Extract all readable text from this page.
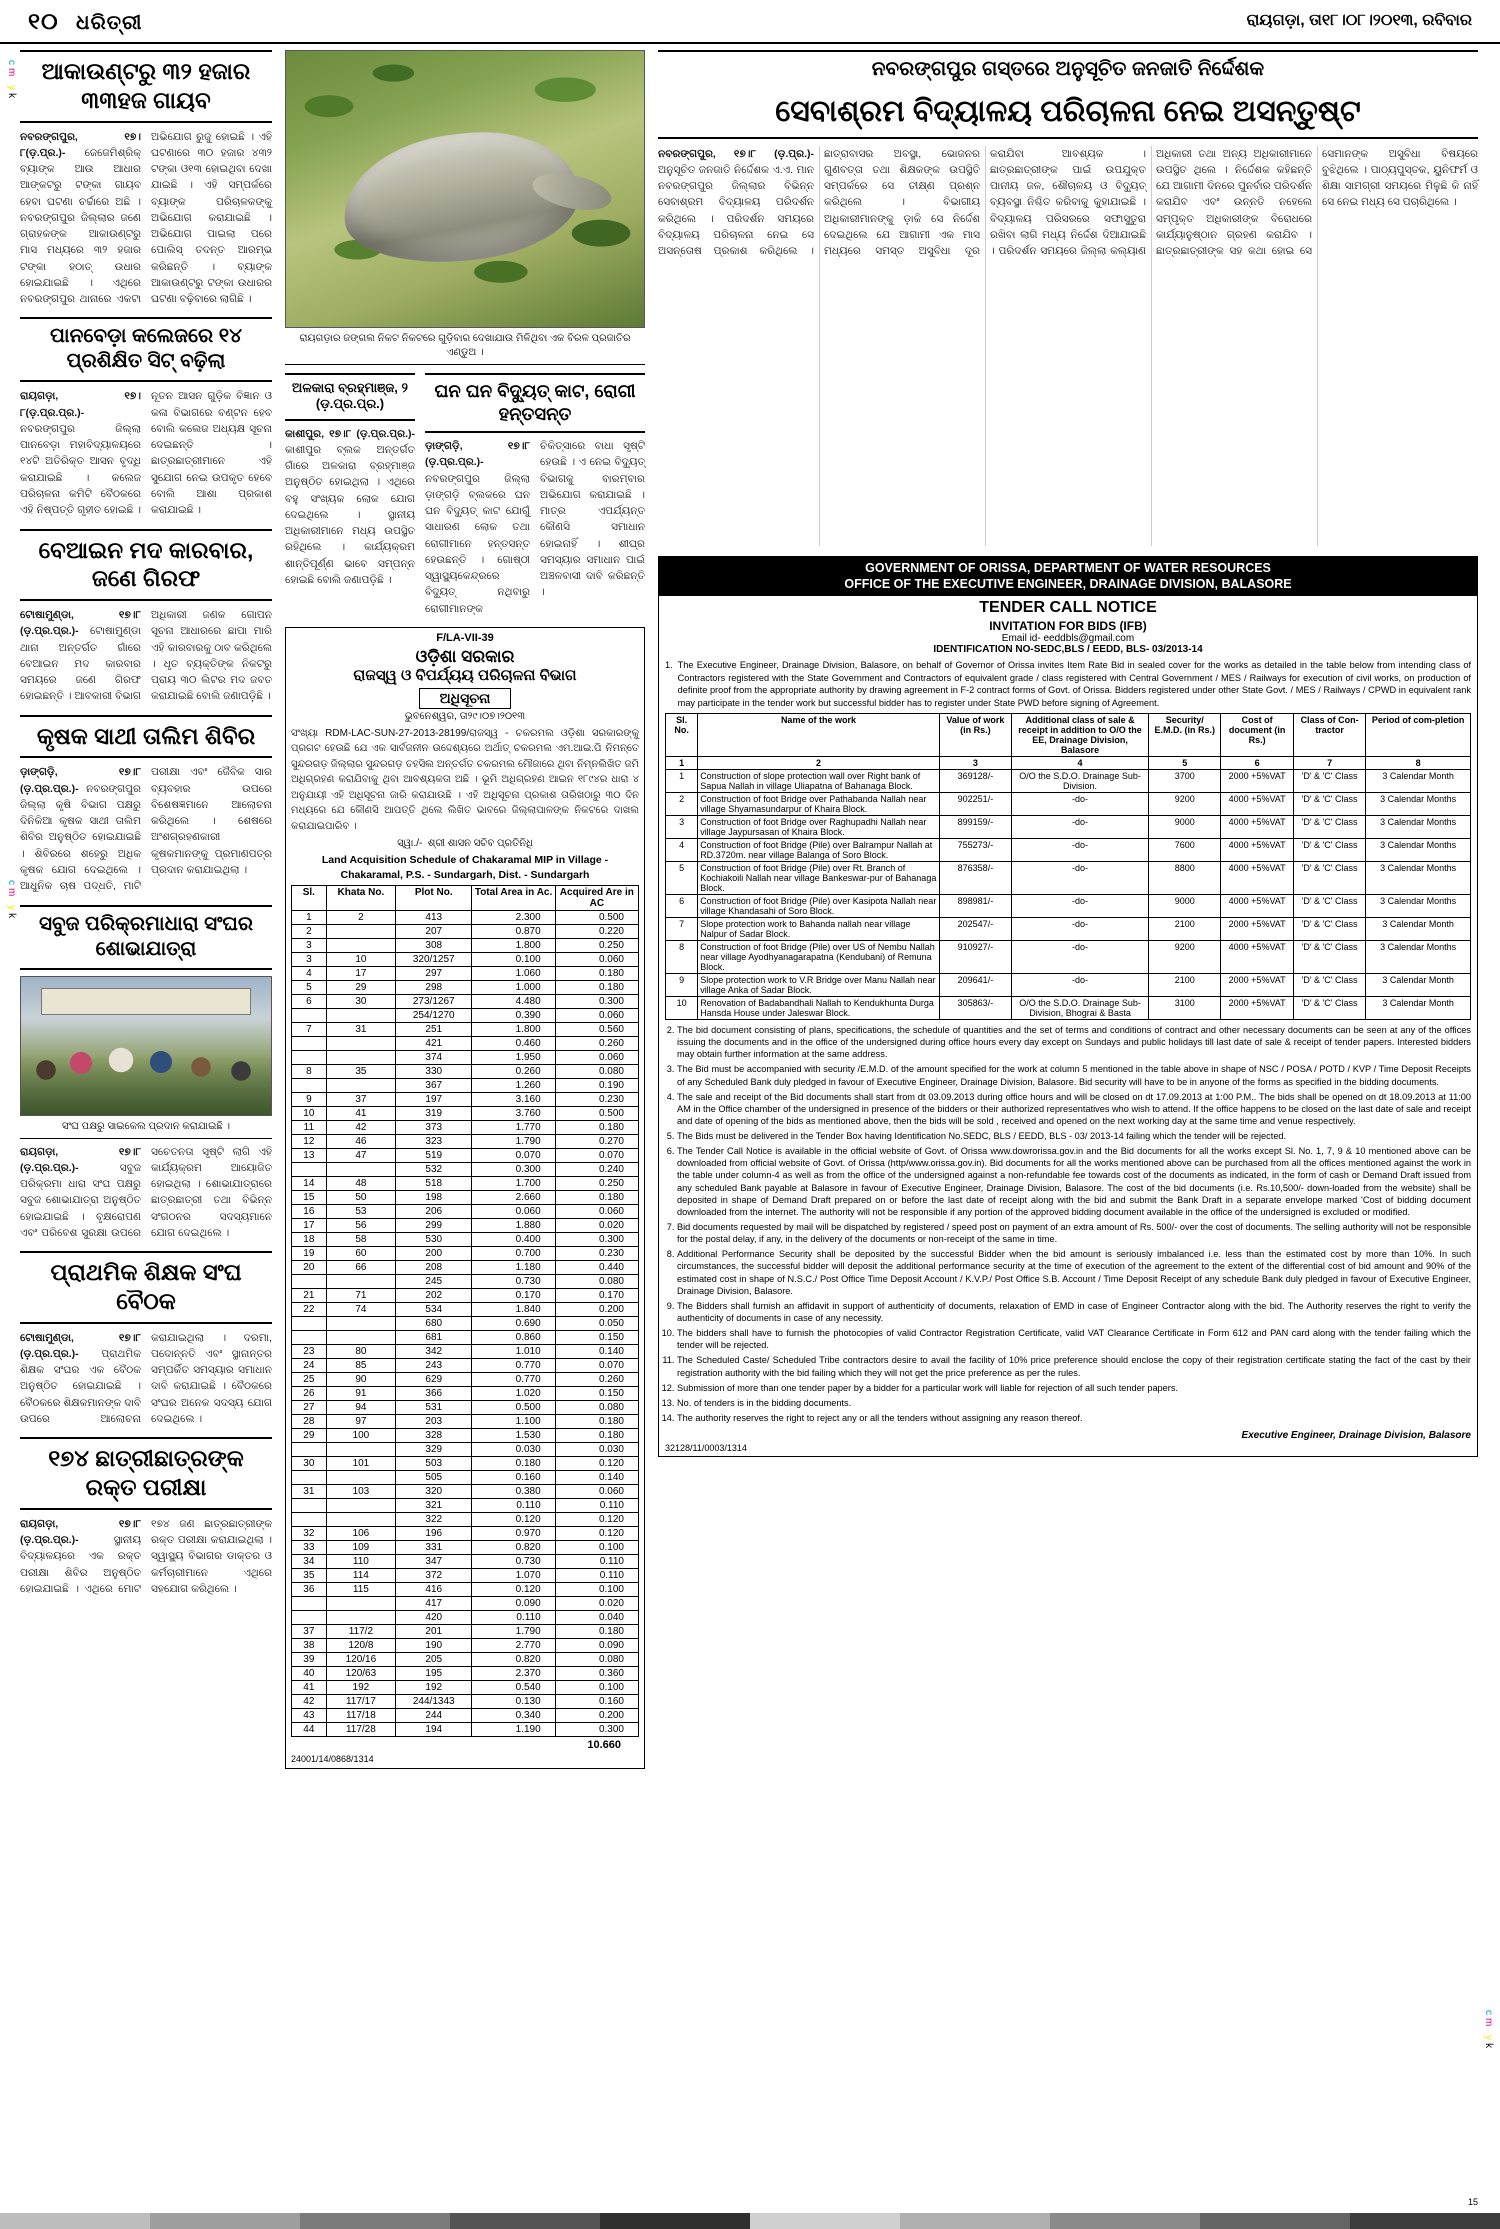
୧୦ ଧରିତ୍ରୀ	ରାୟଗଡ଼ା, ତା୧୮।୦୮।୨୦୧୩, ରବିବାର
cm yk
cm yk
cm yk
ଆକାଉଣ୍ଟରୁ ୩୨ ହଜାର ୩୩ହଜ ଗାୟବ
ନବରଙ୍ଗପୁର, ୧୭।୮(ଡ଼.ପ୍ର.)- ଜେଜେମିଶ୍ରିକ୍ ବ୍ୟାଙ୍କ ଆଉ ଆଧାର ଆଙ୍କଟରୁ ଟଙ୍କା ଗାୟବ ହେବା ଘଟଣା ଚର୍ଚ୍ଚାରେ ଅଛି । ନବରଙ୍ଗପୁର ଜିଲ୍ଲାର ଜଣେ ଗ୍ରାହକଙ୍କ ଆକାଉଣ୍ଟରୁ ମାସ ମଧ୍ୟରେ ୩୨ ହଜାର ଟଙ୍କା ହଠାତ୍ ଉଧାର ହୋଇଯାଇଛି । ଏଥିରେ ନବରଙ୍ଗପୁର ଥାନାରେ ଏକଟା ଅଭିଯୋଗ ରୁଜୁ ହୋଇଛି । ଏହି ଘଟଣାରେ ୩୦ ହଜାର ୪୩୨ ଟଙ୍କା ଓ୧୩ ହୋଇଥିବା ଦେଖା ଯାଇଛି । ଏହି ସମ୍ପର୍କରେ ବ୍ୟାଙ୍କ ପରିଚାଳକଙ୍କୁ ଅଭିଯୋଗ କରାଯାଇଛି । ଅଭିଯୋଗ ପାଇଲା ପରେ ପୋଲିସ୍ ତଦନ୍ତ ଆରମ୍ଭ କରିଛନ୍ତି । ବ୍ୟାଙ୍କ ଆକାଉଣ୍ଟରୁ ଟଙ୍କା ଉଧାରର ଘଟଣା ବଢ଼ିବାରେ ଲାଗିଛି ।
ପାନବେଡ଼ା କଲେଜରେ ୧୪ ପ୍ରଶିକ୍ଷିତ ସିଟ୍ ବଢ଼ିଲା
ରାୟଗଡ଼ା, ୧୭।୮(ଡ଼.ପ୍ର.ପ୍ର.)- ନବରଙ୍ଗପୁର ଜିଲ୍ଲା ପାନବେଡ଼ା ମହାବିଦ୍ୟାଳୟରେ ୧୪ଟି ଅତିରିକ୍ତ ଆସନ ବୃଦ୍ଧି କରାଯାଇଛି । କଲେଜ ପରିଚାଳନା କମିଟି ବୈଠକରେ ଏହି ନିଷ୍ପତ୍ତି ଗୃହୀତ ହୋଇଛି । ନୂତନ ଆସନ ଗୁଡ଼ିକ ବିଜ୍ଞାନ ଓ କଳା ବିଭାଗରେ ବଣ୍ଟନ ହେବ ବୋଲି କଲେଜ ଅଧ୍ୟକ୍ଷ ସୂଚନା ଦେଇଛନ୍ତି । ଛାତ୍ରଛାତ୍ରୀମାନେ ଏହି ସୁଯୋଗ ନେଇ ଉପକୃତ ହେବେ ବୋଲି ଆଶା ପ୍ରକାଶ କରାଯାଇଛି ।
ବେଆଇନ ମଦ କାରବାର, ଜଣେ ଗିରଫ
ଟୋଷାମୁଣ୍ଡା, ୧୭।୮ (ଡ଼.ପ୍ର.ପ୍ର.)- ଟୋଷାମୁଣ୍ଡା ଥାନା ଅନ୍ତର୍ଗତ ଗାଁରେ ବେଆଇନ ମଦ କାରବାର ସମୟରେ ଜଣେ ଗିରଫ ହୋଇଛନ୍ତି । ଆବକାରୀ ବିଭାଗ ଅଧିକାରୀ ଜଣକ ଗୋପନ ସୂଚନା ଆଧାରରେ ଛାପା ମାରି ଏହି କାରବାରକୁ ଠାବ କରିଥିଲେ । ଧୃତ ବ୍ୟକ୍ତିଙ୍କ ନିକଟରୁ ପ୍ରାୟ ୩୦ ଲିଟର ମଦ ଜବତ କରାଯାଇଛି ବୋଲି ଜଣାପଡ଼ିଛି ।
କୃଷକ ସାଥୀ ତାଲିମ ଶିବିର
ଡ଼ାଙ୍ଗଡ଼ି, ୧୭।୮ (ଡ଼.ପ୍ର.ପ୍ର.)- ନବରଙ୍ଗପୁର ଜିଲ୍ଲା କୃଷି ବିଭାଗ ପକ୍ଷରୁ ଦିନିକିଆ କୃଷକ ସାଥୀ ତାଲିମ ଶିବିର ଅନୁଷ୍ଠିତ ହୋଇଯାଇଛି । ଶିବିରରେ ଶହେରୁ ଅଧିକ କୃଷକ ଯୋଗ ଦେଇଥିଲେ । ଆଧୁନିକ ଚାଷ ପଦ୍ଧତି, ମାଟି ପରୀକ୍ଷା ଏବଂ ଜୈବିକ ସାର ବ୍ୟବହାର ଉପରେ ବିଶେଷଜ୍ଞମାନେ ଆଲୋଚନା କରିଥିଲେ । ଶେଷରେ ଅଂଶଗ୍ରହଣକାରୀ କୃଷକମାନଙ୍କୁ ପ୍ରମାଣପତ୍ର ପ୍ରଦାନ କରାଯାଇଥିଲା ।
ସବୁଜ ପରିକ୍ରମାଧାରା ସଂଘର ଶୋଭାଯାତ୍ରା
ସଂଘ ପକ୍ଷରୁ ସାଇକେଲ ପ୍ରଦାନ କରାଯାଇଛି ।
ରାୟଗଡ଼ା, ୧୭।୮ (ଡ଼.ପ୍ର.ପ୍ର.)-	ସବୁଜ ପରିକ୍ରମା ଧାରା ସଂଘ ପକ୍ଷରୁ ସବୁଜ ଶୋଭାଯାତ୍ରା ଅନୁଷ୍ଠିତ ହୋଇଯାଇଛି । ବୃକ୍ଷରୋପଣ ଏବଂ ପରିବେଶ ସୁରକ୍ଷା ଉପରେ ସଚେତନତା ସୃଷ୍ଟି ଲାଗି ଏହି କାର୍ଯ୍ୟକ୍ରମ ଆୟୋଜିତ ହୋଇଥିଲା । ଶୋଭାଯାତ୍ରାରେ ଛାତ୍ରଛାତ୍ରୀ ତଥା ବିଭିନ୍ନ ସଂଗଠନର ସଦସ୍ୟମାନେ ଯୋଗ ଦେଇଥିଲେ ।
ପ୍ରାଥମିକ ଶିକ୍ଷକ ସଂଘ ବୈଠକ
ଟୋଷାମୁଣ୍ଡା, ୧୭।୮ (ଡ଼.ପ୍ର.ପ୍ର.)- ପ୍ରାଥମିକ ଶିକ୍ଷକ ସଂଘର ଏକ ବୈଠକ ଅନୁଷ୍ଠିତ ହୋଇଯାଇଛି । ବୈଠକରେ ଶିକ୍ଷକମାନଙ୍କ ଦାବି ଉପରେ ଆଲୋଚନା କରାଯାଇଥିଲା । ଦରମା, ପଦୋନ୍ନତି ଏବଂ ସ୍ଥାନାନ୍ତର ସମ୍ପର୍କିତ ସମସ୍ୟାର ସମାଧାନ ଦାବି କରାଯାଇଛି । ବୈଠକରେ ସଂଘର ଅନେକ ସଦସ୍ୟ ଯୋଗ ଦେଇଥିଲେ ।
୧୭୪ ଛାତ୍ରୀଛାତ୍ରଙ୍କ ରକ୍ତ ପରୀକ୍ଷା
ରାୟଗଡ଼ା, ୧୭।୮ (ଡ଼.ପ୍ର.ପ୍ର.)-	ସ୍ଥାନୀୟ ବିଦ୍ୟାଳୟରେ ଏକ ରକ୍ତ ପରୀକ୍ଷା ଶିବିର ଅନୁଷ୍ଠିତ ହୋଇଯାଇଛି । ଏଥିରେ ମୋଟ ୧୭୪ ଜଣ ଛାତ୍ରଛାତ୍ରୀଙ୍କ ରକ୍ତ ପରୀକ୍ଷା କରାଯାଇଥିଲା । ସ୍ୱାସ୍ଥ୍ୟ ବିଭାଗର ଡାକ୍ତର ଓ କର୍ମଚାରୀମାନେ ଏଥିରେ ସହଯୋଗ କରିଥିଲେ ।
ରାୟଗଡ଼ାର ଜଙ୍ଗଲ ନିକଟ ନିକଟରେ ଗୁଡ଼ିବାର ଦେଖାଯାଉ ମିଳିଥିବା ଏକ ବିରଳ ପ୍ରଜାତିର ଏଣ୍ଡୁଅ ।
ଅଳକାରା ବ୍ରହ୍ମାଞ୍ଜ, ୨ (ଡ଼.ପ୍ର.ପ୍ର.)
କାଶୀପୁର, ୧୭।୮ (ଡ଼.ପ୍ର.ପ୍ର.)- କାଶୀପୁର ବ୍ଲକ ଅନ୍ତର୍ଗତ ଗାଁରେ ଅଳକାରା ବ୍ରହ୍ମାଞ୍ଜ ଅନୁଷ୍ଠିତ ହୋଇଥିଲା । ଏଥିରେ ବହୁ ସଂଖ୍ୟକ ଲୋକ ଯୋଗ ଦେଇଥିଲେ । ସ୍ଥାନୀୟ ଅଧିକାରୀମାନେ ମଧ୍ୟ ଉପସ୍ଥିତ ରହିଥିଲେ । କାର୍ଯ୍ୟକ୍ରମ ଶାନ୍ତିପୂର୍ଣ୍ଣ ଭାବେ ସମ୍ପନ୍ନ ହୋଇଛି ବୋଲି ଜଣାପଡ଼ିଛି ।
ଘନ ଘନ ବିଦ୍ୟୁତ୍ କାଟ, ରୋଗୀ ହନ୍ତସନ୍ତ
ଡ଼ାଙ୍ଗଡ଼ି, ୧୭।୮ (ଡ଼.ପ୍ର.ପ୍ର.)- ନବରଙ୍ଗପୁର ଜିଲ୍ଲା ଡ଼ାଙ୍ଗଡ଼ି ବ୍ଲକରେ ଘନ ଘନ ବିଦ୍ୟୁତ୍ କାଟ ଯୋଗୁଁ ସାଧାରଣ ଲୋକ ତଥା ରୋଗୀମାନେ ହନ୍ତସନ୍ତ ହେଉଛନ୍ତି । ଗୋଷ୍ଠୀ ସ୍ୱାସ୍ଥ୍ୟକେନ୍ଦ୍ରରେ ବିଦ୍ୟୁତ୍ ନଥିବାରୁ ରୋଗୀମାନଙ୍କ ଚିକିତ୍ସାରେ ବାଧା ସୃଷ୍ଟି ହେଉଛି । ଏ ନେଇ ବିଦ୍ୟୁତ୍ ବିଭାଗକୁ ବାରମ୍ବାର ଅଭିଯୋଗ କରାଯାଇଛି । ମାତ୍ର ଏପର୍ଯ୍ୟନ୍ତ କୌଣସି ସମାଧାନ ହୋଇନାହିଁ । ଶୀଘ୍ର ସମସ୍ୟାର ସମାଧାନ ପାଇଁ ଅଞ୍ଚଳବାସୀ ଦାବି କରିଛନ୍ତି ।
F/LA-VII-39
ଓଡ଼ିଶା ସରକାର
ରାଜସ୍ୱ ଓ ବିପର୍ଯ୍ୟୟ ପରିଚାଳନା ବିଭାଗ
ଅଧିସୂଚନା
ଭୁବନେଶ୍ୱର, ତା୨୯।୦୭।୨୦୧୩
ସଂଖ୍ୟା RDM-LAC-SUN-27-2013-28199/ରାଜସ୍ୱ - ଚକରମଲ ଓଡ଼ିଶା ସରକାରଙ୍କୁ ପ୍ରଗଟ ହେଉଛି ଯେ ଏକ ସାର୍ବଜନୀନ ଉଦ୍ଦେଶ୍ୟରେ ଅର୍ଥାତ୍ ଚକରମଲ ଏମ.ଆଇ.ପି ନିମନ୍ତେ ସୁନ୍ଦରଗଡ଼ ଜିଲ୍ଲାର ସୁନ୍ଦରଗଡ଼ ତହସିଲ ଅନ୍ତର୍ଗତ ଚକରମଲ ମୌଜାରେ ଥିବା ନିମ୍ନଲିଖିତ ଜମି ଅଧିଗ୍ରହଣ କରାଯିବାକୁ ଥିବା ଆବଶ୍ୟକତା ଅଛି । ଭୂମି ଅଧିଗ୍ରହଣ ଆଇନ ୧୮୯୪ର ଧାରା ୪ ଅନୁଯାୟୀ ଏହି ଅଧିସୂଚନା ଜାରି କରାଯାଉଛି । ଏହି ଅଧିସୂଚନା ପ୍ରକାଶ ତାରିଖଠାରୁ ୩୦ ଦିନ ମଧ୍ୟରେ ଯେ କୌଣସି ଆପତ୍ତି ଥିଲେ ଲିଖିତ ଭାବରେ ଜିଲ୍ଲାପାଳଙ୍କ ନିକଟରେ ଦାଖଲ କରାଯାଇପାରିବ ।
ସ୍ୱା./-  ଶ୍ରୀ ଶାସନ ସଚିବ ପ୍ରତିନିଧି
Land Acquisition Schedule of Chakaramal MIP in Village - Chakaramal, P.S. - Sundargarh, Dist. - Sundargarh
Sl.	Khata No.	Plot No.	Total Area in Ac.	Acquired Are in AC
1	2	413	2.300	0.500
2		207	0.870	0.220
3		308	1.800	0.250
3	10	320/1257	0.100	0.060
4	17	297	1.060	0.180
5	29	298	1.000	0.180
6	30	273/1267	4.480	0.300
		254/1270	0.390	0.060
7	31	251	1.800	0.560
		421	0.460	0.260
		374	1.950	0.060
8	35	330	0.260	0.080
		367	1.260	0.190
9	37	197	3.160	0.230
10	41	319	3.760	0.500
11	42	373	1.770	0.180
12	46	323	1.790	0.270
13	47	519	0.070	0.070
		532	0.300	0.240
14	48	518	1.700	0.250
15	50	198	2.660	0.180
16	53	206	0.060	0.060
17	56	299	1.880	0.020
18	58	530	0.400	0.300
19	60	200	0.700	0.230
20	66	208	1.180	0.440
		245	0.730	0.080
21	71	202	0.170	0.170
22	74	534	1.840	0.200
		680	0.690	0.050
		681	0.860	0.150
23	80	342	1.010	0.140
24	85	243	0.770	0.070
25	90	629	0.770	0.260
26	91	366	1.020	0.150
27	94	531	0.500	0.080
28	97	203	1.100	0.180
29	100	328	1.530	0.180
		329	0.030	0.030
30	101	503	0.180	0.120
		505	0.160	0.140
31	103	320	0.380	0.060
		321	0.110	0.110
		322	0.120	0.120
32	106	196	0.970	0.120
33	109	331	0.820	0.100
34	110	347	0.730	0.110
35	114	372	1.070	0.110
36	115	416	0.120	0.100
		417	0.090	0.020
		420	0.110	0.040
37	117/2	201	1.790	0.180
38	120/8	190	2.770	0.090
39	120/16	205	0.820	0.080
40	120/63	195	2.370	0.360
41	192	192	0.540	0.100
42	117/17	244/1343	0.130	0.160
43	117/18	244	0.340	0.200
44	117/28	194	1.190	0.300
10.660
24001/14/0868/1314
ନବରଙ୍ଗପୁର ଗସ୍ତରେ ଅନୁସୂଚିତ ଜନଜାତି ନିର୍ଦ୍ଦେଶକ
ସେବାଶ୍ରମ ବିଦ୍ୟାଳୟ ପରିଚାଳନା ନେଇ ଅସନ୍ତୁଷ୍ଟ
ନବରଙ୍ଗପୁର, ୧୭।୮ (ଡ଼.ପ୍ର.)- ଅନୁସୂଚିତ ଜନଜାତି ନିର୍ଦ୍ଦେଶକ ଏ.ଏ. ମାନ ନବରଙ୍ଗପୁର ଜିଲ୍ଲାର ବିଭିନ୍ନ ସେବାଶ୍ରମ ବିଦ୍ୟାଳୟ ପରିଦର୍ଶନ କରିଥିଲେ । ପରିଦର୍ଶନ ସମୟରେ ବିଦ୍ୟାଳୟ ପରିଚାଳନା ନେଇ ସେ ଅସନ୍ତୋଷ ପ୍ରକାଶ କରିଥିଲେ । ଛାତ୍ରାବାସର ଅବସ୍ଥା, ଭୋଜନର ଗୁଣବତ୍ତା ତଥା ଶିକ୍ଷକଙ୍କ ଉପସ୍ଥିତି ସମ୍ପର୍କରେ ସେ ତୀକ୍ଷ୍ଣ ପ୍ରଶ୍ନ କରିଥିଲେ ।	ବିଭାଗୀୟ ଅଧିକାରୀମାନଙ୍କୁ ଡ଼ାକି ସେ ନିର୍ଦ୍ଦେଶ ଦେଇଥିଲେ ଯେ ଆଗାମୀ ଏକ ମାସ ମଧ୍ୟରେ ସମସ୍ତ ଅସୁବିଧା ଦୂର କରାଯିବା ଆବଶ୍ୟକ । ଛାତ୍ରଛାତ୍ରୀଙ୍କ ପାଇଁ ଉପଯୁକ୍ତ ପାନୀୟ ଜଳ, ଶୌଚାଳୟ ଓ ବିଦ୍ୟୁତ୍ ବ୍ୟବସ୍ଥା ନିଶ୍ଚିତ କରିବାକୁ କୁହାଯାଇଛି । ବିଦ୍ୟାଳୟ ପରିସରରେ ସଫାସୁତୁରା ରଖିବା ଲାଗି ମଧ୍ୟ ନିର୍ଦ୍ଦେଶ ଦିଆଯାଇଛି । ପରିଦର୍ଶନ ସମୟରେ ଜିଲ୍ଲା କଲ୍ୟାଣ ଅଧିକାରୀ ତଥା ଅନ୍ୟ ଅଧିକାରୀମାନେ ଉପସ୍ଥିତ ଥିଲେ । ନିର୍ଦ୍ଦେଶକ କହିଛନ୍ତି ଯେ ଆଗାମୀ ଦିନରେ ପୁନର୍ବାର ପରିଦର୍ଶନ କରାଯିବ ଏବଂ ଉନ୍ନତି ନହେଲେ ସମ୍ପୃକ୍ତ ଅଧିକାରୀଙ୍କ ବିରୋଧରେ କାର୍ଯ୍ୟାନୁଷ୍ଠାନ ଗ୍ରହଣ କରାଯିବ । ଛାତ୍ରଛାତ୍ରୀଙ୍କ ସହ କଥା ହୋଇ ସେ ସେମାନଙ୍କ ଅସୁବିଧା ବିଷୟରେ ବୁଝିଥିଲେ । ପାଠ୍ୟପୁସ୍ତକ, ୟୁନିଫର୍ମ ଓ ଶିକ୍ଷା ସାମଗ୍ରୀ ସମୟରେ ମିଳୁଛି କି ନାହିଁ ସେ ନେଇ ମଧ୍ୟ ସେ ପଚାରିଥିଲେ ।
GOVERNMENT OF ORISSA, DEPARTMENT OF WATER RESOURCES
OFFICE OF THE EXECUTIVE ENGINEER, DRAINAGE DIVISION, BALASORE
TENDER CALL NOTICE
INVITATION FOR BIDS (IFB)
Email id- eeddbls@gmail.com
IDENTIFICATION NO-SEDC,BLS / EEDD, BLS- 03/2013-14
1. The Executive Engineer, Drainage Division, Balasore, on behalf of Governor of Orissa invites Item Rate Bid in sealed cover for the works as detailed in the table below from intending class of Contractors registered with the State Government and Contractors of equivalent grade / class registered with Central Government / MES / Railways for execution of civil works, on production of definite proof from the appropriate authority by drawing agreement in F-2 contract forms of Govt. of Orissa. Bidders registered under other State Govt. / MES / Railways / CPWD in equivalent rank may participate in the tender work but successful bidder has to register under State PWD before signing of Agreement.
Sl. No.	Name of the work	Value of work (in Rs.)	Additional class of sale & receipt in addition to O/O the EE, Drainage Division, Balasore	Security/ E.M.D. (in Rs.)	Cost of document (in Rs.)	Class of Con-tractor	Period of com-pletion
1	2	3	4	5	6	7	8
1	Construction of slope protection wall over Right bank of Sapua Nallah in village Uliapatna of Bahanaga Block.	369128/-	O/O the S.D.O. Drainage Sub-Division.	3700	2000 +5%VAT	'D' & 'C' Class	3 Calendar Month
2	Construction of foot Bridge over Pathabanda Nallah near village Shyamasundarpur of Khaira Block.	902251/-	-do-	9200	4000 +5%VAT	'D' & 'C' Class	3 Calendar Months
3	Construction of foot Bridge over Raghupadhi Nallah near village Jaypursasan of Khaira Block.	899159/-	-do-	9000	4000 +5%VAT	'D' & 'C' Class	3 Calendar Months
4	Construction of foot Bridge (Pile) over Balrampur Nallah at RD.3720m. near village Balanga of Soro Block.	755273/-	-do-	7600	4000 +5%VAT	'D' & 'C' Class	3 Calendar Months
5	Construction of foot Bridge (Pile) over Rt. Branch of Kochiakoili Nallah near village Bankeswar-pur of Bahanaga Block.	876358/-	-do-	8800	4000 +5%VAT	'D' & 'C' Class	3 Calendar Months
6	Construction of foot Bridge (Pile) over Kasipota Nallah near village Khandasahi of Soro Block.	898981/-	-do-	9000	4000 +5%VAT	'D' & 'C' Class	3 Calendar Months
7	Slope protection work to Bahanda nallah near village Nalpur of Sadar Block.	202547/-	-do-	2100	2000 +5%VAT	'D' & 'C' Class	3 Calendar Month
8	Construction of foot Bridge (Pile) over US of Nembu Nallah near village Ayodhyanagarapatna (Kendubani) of Remuna Block.	910927/-	-do-	9200	4000 +5%VAT	'D' & 'C' Class	3 Calendar Months
9	Slope protection work to V.R Bridge over Manu Nallah near village Anka of Sadar Block.	209641/-	-do-	2100	2000 +5%VAT	'D' & 'C' Class	3 Calendar Month
10	Renovation of Badabandhali Nallah to Kendukhunta Durga Hansda House under Jaleswar Block.	305863/-	O/O the S.D.O. Drainage Sub-Division, Bhograi & Basta	3100	2000 +5%VAT	'D' & 'C' Class	3 Calendar Month
2. The bid document consisting of plans, specifications, the schedule of quantities and the set of terms and conditions of contract and other necessary documents can be seen at any of the offices issuing the documents and in the office of the undersigned during office hours every day except on Sundays and public holidays till last date of sale & receipt of tender papers. Interested bidders may obtain further information at the same address.
3. The Bid must be accompanied with security /E.M.D. of the amount specified for the work at column 5 mentioned in the table above in shape of NSC / POSA / POTD / KVP / Time Deposit Receipts of any Scheduled Bank duly pledged in favour of Executive Engineer, Drainage Division, Balasore. Bid security will have to be in anyone of the forms as specified in the bidding documents.
4. The sale and receipt of the Bid documents shall start from dt 03.09.2013 during office hours and will be closed on dt 17.09.2013 at 1:00 P.M.. The bids shall be opened on dt 18.09.2013 at 11:00 AM in the Office chamber of the undersigned in presence of the bidders or their authorized representatives who wish to attend. If the office happens to be closed on the last date of sale and receipt and date of opening of the bids as mentioned above, then the bids will be sold , received and opened on the next working day at the same time and venue respectively.
5. The Bids must be delivered in the Tender Box having Identification No.SEDC, BLS / EEDD, BLS - 03/ 2013-14 failing which the tender will be rejected.
6. The Tender Call Notice is available in the official website of Govt. of Orissa www.dowrorissa.gov.in and the Bid documents for all the works except Sl. No. 1, 7, 9 & 10 mentioned above can be downloaded from official website of Govt. of Orissa (http/www.orissa.gov.in). Bid documents for all the works mentioned above can be purchased from all the offices mentioned against the work in the table under column-4 as well as from the office of the undersigned against a non-refundable fee towards cost of the documents as indicated, in the form of cash or Demand Draft issued from any scheduled Bank payable at Balasore in favour of Executive Engineer, Drainage Division, Balasore. The cost of the bid documents (i.e. Rs.10,500/- down-loaded from the website) shall be deposited in shape of Demand Draft prepared on or before the last date of receipt along with the bid and submit the Bank Draft in a separate envelope marked 'Cost of bidding document downloaded from the internet. The authority will not be responsible if any portion of the approved bidding document available in the office of the undersigned is excluded or modified.
7. Bid documents requested by mail will be dispatched by registered / speed post on payment of an extra amount of Rs. 500/- over the cost of documents. The selling authority will not be responsible for the postal delay, if any, in the delivery of the documents or non-receipt of the same in time.
8. Additional Performance Security shall be deposited by the successful Bidder when the bid amount is seriously imbalanced i.e. less than the estimated cost by more than 10%. In such circumstances, the successful bidder will deposit the additional performance security at the time of execution of the agreement to the extent of the differential cost of bid amount and 90% of the estimated cost in shape of N.S.C./ Post Office Time Deposit Account / K.V.P./ Post Office S.B. Account / Time Deposit Receipt of any schedule Bank duly pledged in favour of Executive Engineer, Drainage Division, Balasore.
9. The Bidders shall furnish an affidavit in support of authenticity of documents, relaxation of EMD in case of Engineer Contractor along with the bid. The Authority reserves the right to verify the authenticity of documents in case of any necessity.
10. The bidders shall have to furnish the photocopies of valid Contractor Registration Certificate, valid VAT Clearance Certificate in Form 612 and PAN card along with the tender failing which the tender will be rejected.
11. The Scheduled Caste/ Scheduled Tribe contractors desire to avail the facility of 10% price preference should enclose the copy of their registration certificate stating the fact of the cast by their registration authority with the bid failing which they will not get the price preference as per the rules.
12. Submission of more than one tender paper by a bidder for a particular work will liable for rejection of all such tender papers.
13. No. of tenders is in the bidding documents.
14. The authority reserves the right to reject any or all the tenders without assigning any reason thereof.
Executive Engineer, Drainage Division, Balasore
32128/11/0003/1314
15
